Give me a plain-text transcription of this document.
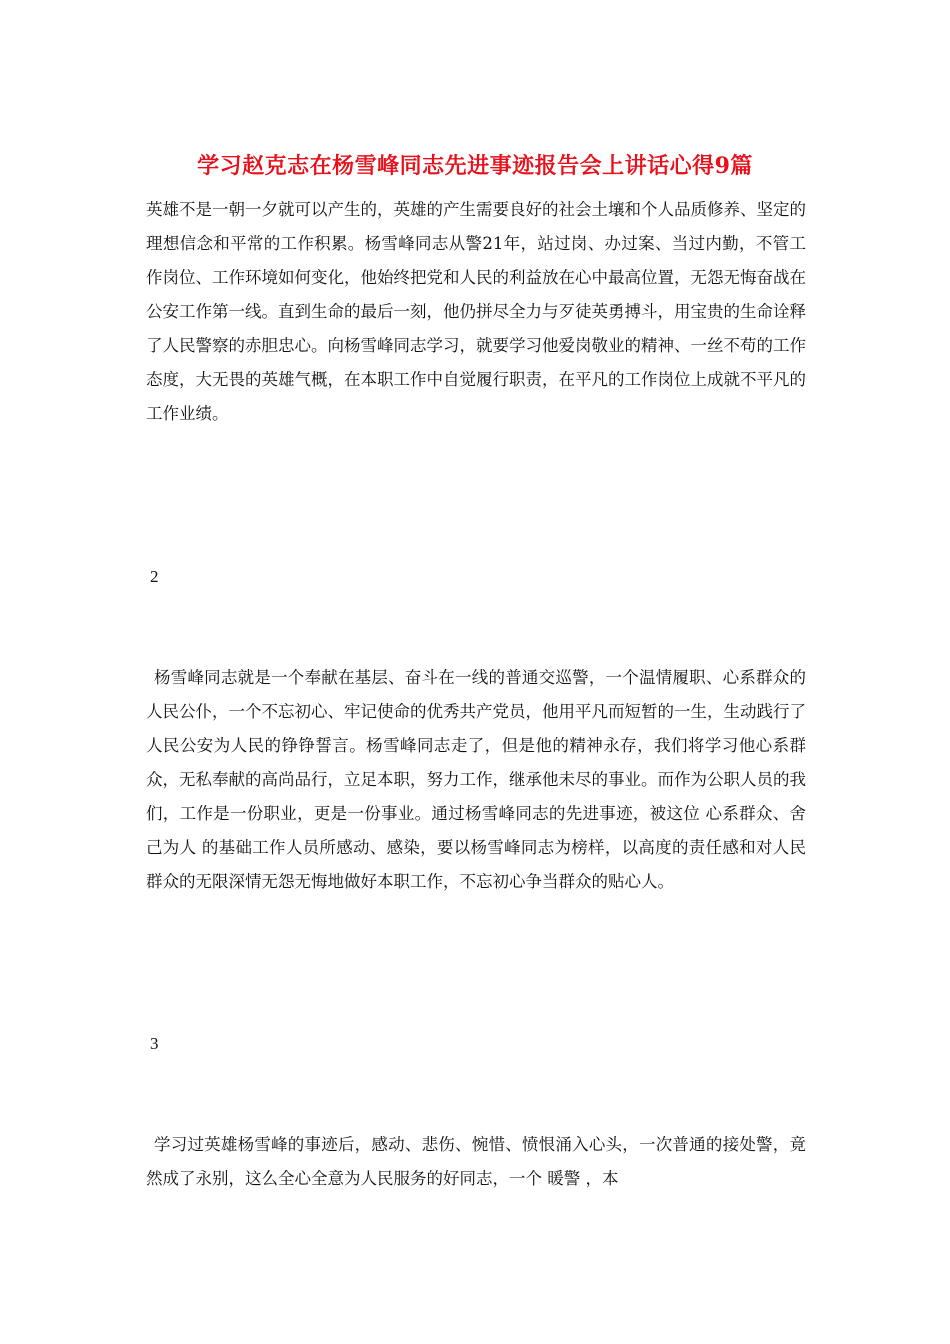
学习赵克志在杨雪峰同志先进事迹报告会上讲话心得9篇

英雄不是一朝一夕就可以产生的，英雄的产生需要良好的社会土壤和个人品质修养、坚定的理想信念和平常的工作积累。杨雪峰同志从警21年，站过岗、办过案、当过内勤，不管工作岗位、工作环境如何变化，他始终把党和人民的利益放在心中最高位置，无怨无悔奋战在公安工作第一线。直到生命的最后一刻，他仍拼尽全力与歹徒英勇搏斗，用宝贵的生命诠释了人民警察的赤胆忠心。向杨雪峰同志学习，就要学习他爱岗敬业的精神、一丝不苟的工作态度，大无畏的英雄气概，在本职工作中自觉履行职责，在平凡的工作岗位上成就不平凡的工作业绩。

2

杨雪峰同志就是一个奉献在基层、奋斗在一线的普通交巡警，一个温情履职、心系群众的人民公仆，一个不忘初心、牢记使命的优秀共产党员，他用平凡而短暂的一生，生动践行了人民公安为人民的铮铮誓言。杨雪峰同志走了，但是他的精神永存，我们将学习他心系群众，无私奉献的高尚品行，立足本职，努力工作，继承他未尽的事业。而作为公职人员的我们，工作是一份职业，更是一份事业。通过杨雪峰同志的先进事迹，被这位 心系群众、舍己为人 的基础工作人员所感动、感染，要以杨雪峰同志为榜样，以高度的责任感和对人民群众的无限深情无怨无悔地做好本职工作，不忘初心争当群众的贴心人。

3

学习过英雄杨雪峰的事迹后，感动、悲伤、惋惜、愤恨涌入心头，一次普通的接处警，竟然成了永别，这么全心全意为人民服务的好同志，一个 暖警 ，本
